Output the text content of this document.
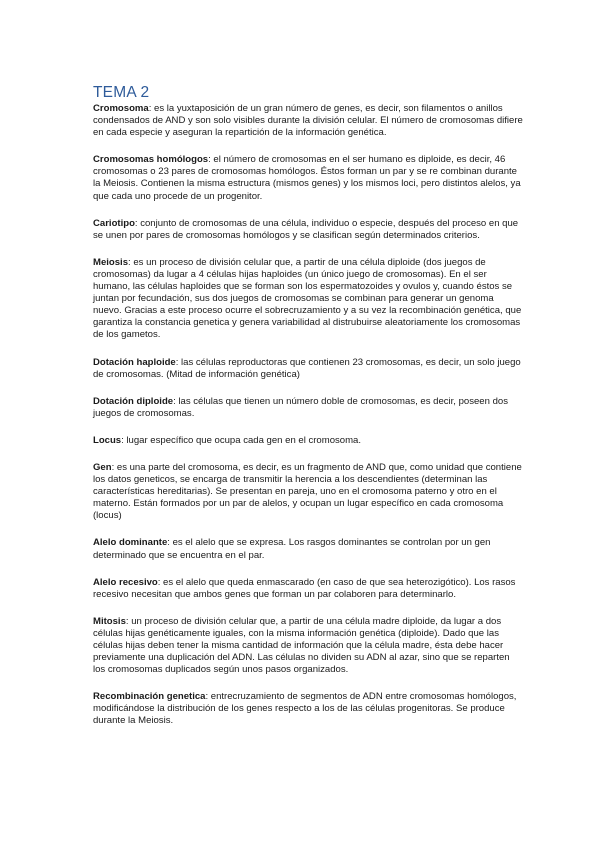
TEMA 2

Cromosoma: es la yuxtaposición de un gran número de genes, es decir, son filamentos o anillos condensados de AND y son solo visibles durante la división celular. El número de cromosomas difiere en cada especie y aseguran la repartición de la información genética.

Cromosomas homólogos: el número de cromosomas en el ser humano es diploide, es decir, 46 cromosomas o 23 pares de cromosomas homólogos. Éstos forman un par y se re combinan durante la Meiosis. Contienen la misma estructura (mismos genes) y los mismos loci, pero distintos alelos, ya que cada uno procede de un progenitor.

Cariotipo: conjunto de cromosomas de una célula, individuo o especie, después del proceso en que se unen por pares de cromosomas homólogos y se clasifican según determinados criterios.

Meiosis: es un proceso de división celular que, a partir de una célula diploide (dos juegos de cromosomas) da lugar a 4 células hijas haploides (un único juego de cromosomas). En el ser humano, las células haploides que se forman son los espermatozoides y ovulos y, cuando éstos se juntan por fecundación, sus dos juegos de cromosomas se combinan para generar un genoma nuevo. Gracias a este proceso ocurre el sobrecruzamiento y a su vez la recombinación genética, que garantiza la constancia genetica y genera variabilidad al distrubuirse aleatoriamente los cromosomas de los gametos.

Dotación haploide: las células reproductoras que contienen 23 cromosomas, es decir, un solo juego de cromosomas. (Mitad de información genética)

Dotación diploide: las células que tienen un número doble de cromosomas, es decir, poseen dos juegos de cromosomas.

Locus: lugar específico que ocupa cada gen en el cromosoma.

Gen: es una parte del cromosoma, es decir, es un fragmento de AND que, como unidad que contiene los datos geneticos, se encarga de transmitir la herencia a los descendientes (determinan las características hereditarias). Se presentan en pareja, uno en el cromosoma paterno y otro en el materno. Están formados por un par de alelos, y ocupan un lugar específico en cada cromosoma (locus)

Alelo dominante: es el alelo que se expresa. Los rasgos dominantes se controlan por un gen determinado que se encuentra en el par.

Alelo recesivo: es el alelo que queda enmascarado (en caso de que sea heterozigótico). Los rasos recesivo necesitan que ambos genes que forman un par colaboren para determinarlo.

Mitosis: un proceso de división celular que, a partir de una célula madre diploide, da lugar a dos células hijas genéticamente iguales, con la misma información genética (diploide). Dado que las células hijas deben tener la misma cantidad de información que la célula madre, ésta debe hacer previamente una duplicación del ADN. Las células no dividen su ADN al azar, sino que se reparten los cromosomas duplicados según unos pasos organizados.

Recombinación genetica: entrecruzamiento de segmentos de ADN entre cromosomas homólogos, modificándose la distribución de los genes respecto a los de las células progenitoras. Se produce durante la Meiosis.
